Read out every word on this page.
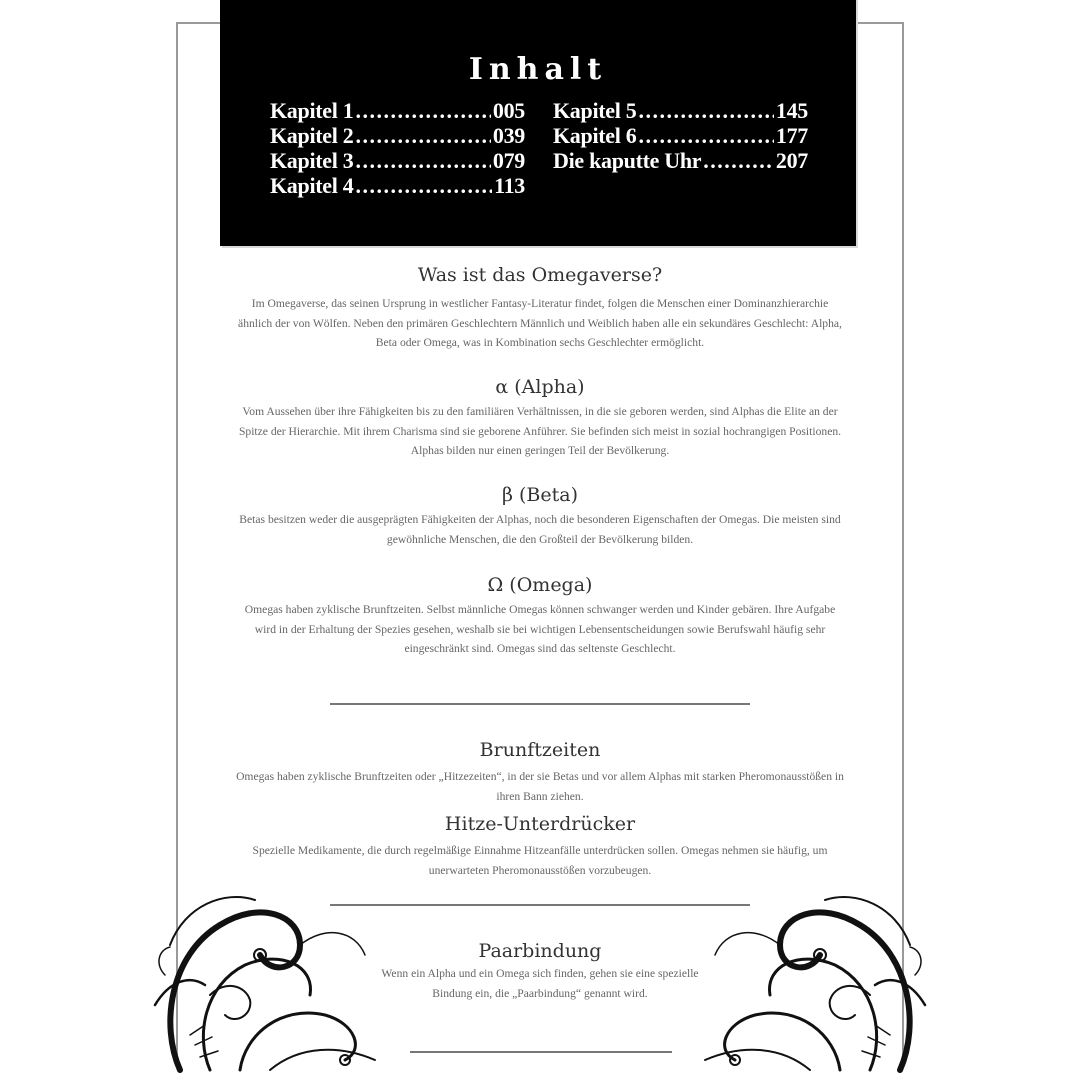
Inhalt
Kapitel 1 .....	005
Kapitel 2 .....	039
Kapitel 3 .....	079
Kapitel 4 .....	113
Kapitel 5 .....	145
Kapitel 6 .....	177
Die kaputte Uhr .....	207
Was ist das Omegaverse?

Im Omegaverse, das seinen Ursprung in westlicher Fantasy-Literatur findet, folgen die Menschen einer Dominanzhierarchie ähnlich der von Wölfen. Neben den primären Geschlechtern Männlich und Weiblich haben alle ein sekundäres Geschlecht: Alpha, Beta oder Omega, was in Kombination sechs Geschlechter ermöglicht.

α (Alpha)

Vom Aussehen über ihre Fähigkeiten bis zu den familiären Verhältnissen, in die sie geboren werden, sind Alphas die Elite an der Spitze der Hierarchie. Mit ihrem Charisma sind sie geborene Anführer. Sie befinden sich meist in sozial hochrangigen Positionen. Alphas bilden nur einen geringen Teil der Bevölkerung.

β (Beta)

Betas besitzen weder die ausgeprägten Fähigkeiten der Alphas, noch die besonderen Eigenschaften der Omegas. Die meisten sind gewöhnliche Menschen, die den Großteil der Bevölkerung bilden.

Ω (Omega)

Omegas haben zyklische Brunftzeiten. Selbst männliche Omegas können schwanger werden und Kinder gebären. Ihre Aufgabe wird in der Erhaltung der Spezies gesehen, weshalb sie bei wichtigen Lebensentscheidungen sowie Berufswahl häufig sehr eingeschränkt sind. Omegas sind das seltenste Geschlecht.

Brunftzeiten

Omegas haben zyklische Brunftzeiten oder „Hitzezeiten“, in der sie Betas und vor allem Alphas mit starken Pheromonausstößen in ihren Bann ziehen.

Hitze-Unterdrücker

Spezielle Medikamente, die durch regelmäßige Einnahme Hitzeanfälle unterdrücken sollen. Omegas nehmen sie häufig, um unerwarteten Pheromonausstößen vorzubeugen.

Paarbindung

Wenn ein Alpha und ein Omega sich finden, gehen sie eine spezielle Bindung ein, die „Paarbindung“ genannt wird.
